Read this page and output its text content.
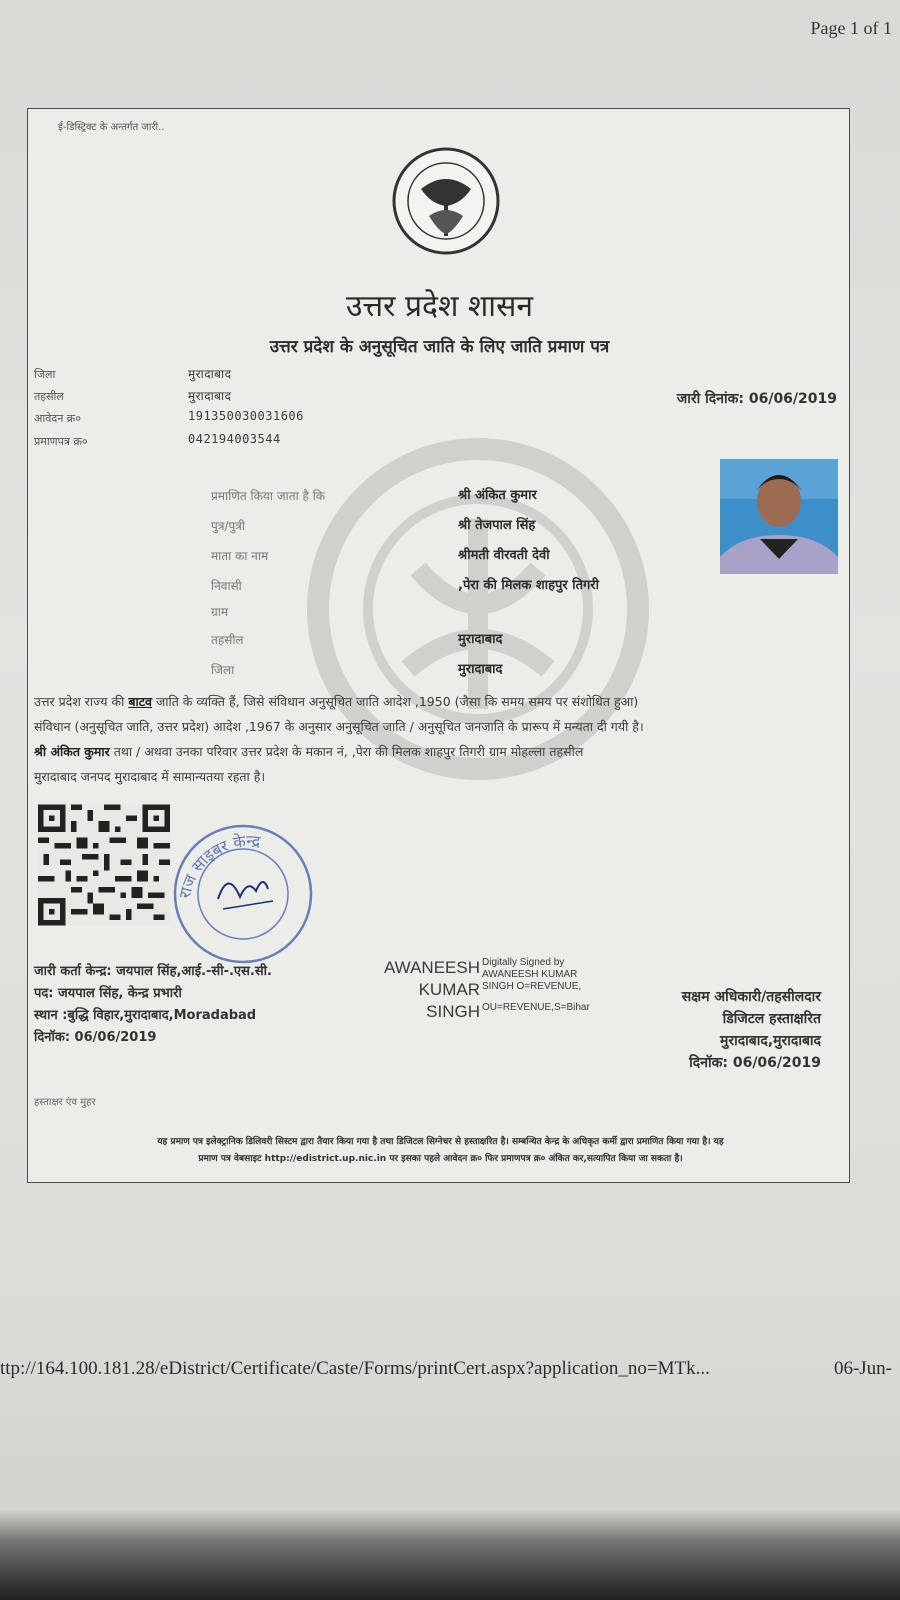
Page 1 of 1
ई-डिस्ट्रिक्ट के अन्तर्गत जारी..
उत्तर प्रदेश शासन
उत्तर प्रदेश के अनुसूचित जाति के लिए जाति प्रमाण पत्र
जिला	मुरादाबाद
तहसील	मुरादाबाद
आवेदन क्र०	191350030031606
प्रमाणपत्र क्र०	042194003544
जारी दिनांक: 06/06/2019
प्रमाणित किया जाता है कि	श्री अंकित कुमार
पुत्र/पुत्री	श्री तेजपाल सिंह
माता का नाम	श्रीमती वीरवती देवी
निवासी	,पेरा की मिलक शाहपुर तिगरी
ग्राम
तहसील	मुरादाबाद
जिला	मुरादाबाद
उत्तर प्रदेश राज्य की बाटव जाति के व्यक्ति हैं, जिसे संविधान अनुसूचित जाति आदेश ,1950 (जैसा कि समय समय पर संशोधित हुआ)
संविधान (अनुसूचित जाति, उत्तर प्रदेश) आदेश ,1967 के अनुसार अनुसूचित जाति / अनुसूचित जनजाति के प्रारूप में मन्यता दी गयी है।
श्री अंकित कुमार तथा / अथवा उनका परिवार उत्तर प्रदेश के मकान नं, ,पेरा की मिलक शाहपुर तिगरी ग्राम मोहल्ला तहसील
मुरादाबाद जनपद मुरादाबाद में सामान्यतया रहता है।
राज साइबर केन्द्र
जारी कर्ता केन्द्र: जयपाल सिंह,आई.-सी-.एस.सी.
पद: जयपाल सिंह, केन्द्र प्रभारी
स्थान :बुद्धि विहार,मुरादाबाद,Moradabad
दिनॉक: 06/06/2019
AWANEESH
KUMAR
SINGH
Digitally Signed by
AWANEESH KUMAR
SINGH O=REVENUE,
OU=REVENUE,S=Bihar
सक्षम अधिकारी/तहसीलदार
डिजिटल हस्ताक्षरित
मुरादाबाद,मुरादाबाद
दिनॉक: 06/06/2019
हस्ताक्षर एंव मुहर
यह प्रमाण पत्र इलेक्ट्रानिक डिलिवरी सिस्टम द्वारा तैयार किया गया है तथा डिजिटल सिग्नेचर से हस्ताक्षरित है। सम्बन्धित केन्द्र के अधिकृत कर्मी द्वारा प्रमाणित किया गया है। यह
प्रमाण पत्र वेबसाइट http://edistrict.up.nic.in पर इसका पहले आवेदन क्र० फिर प्रमाणपत्र क्र० अंकित कर,सत्यापित किया जा सकता है।
ttp://164.100.181.28/eDistrict/Certificate/Caste/Forms/printCert.aspx?application_no=MTk...	06-Jun-
